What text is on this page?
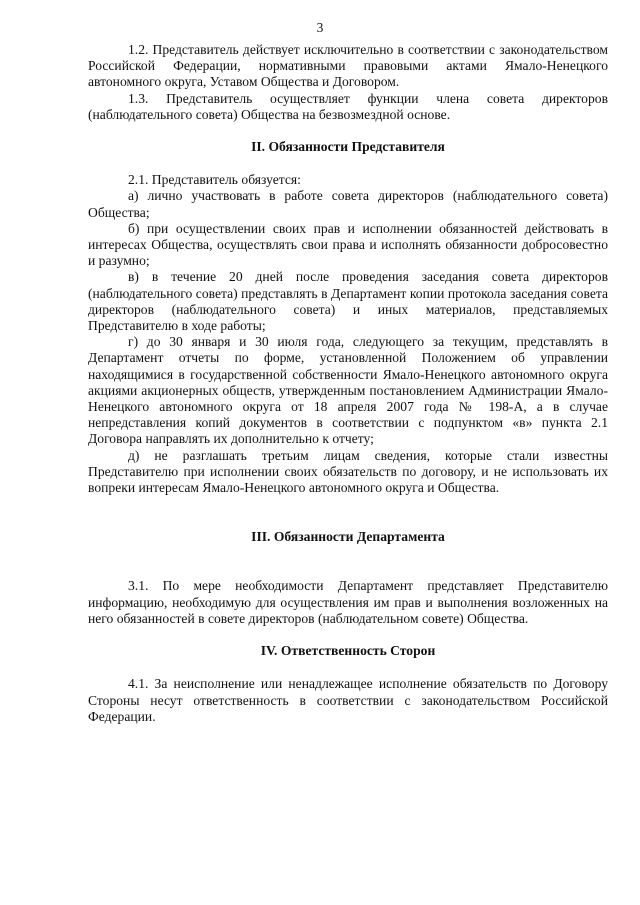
3

1.2. Представитель действует исключительно в соответствии с законодательством Российской Федерации, нормативными правовыми актами Ямало-Ненецкого автономного округа, Уставом Общества и Договором.

1.3. Представитель осуществляет функции члена совета директоров (наблюдательного совета) Общества на безвозмездной основе.

II. Обязанности Представителя

2.1. Представитель обязуется:

а) лично участвовать в работе совета директоров (наблюдательного совета) Общества;

б) при осуществлении своих прав и исполнении обязанностей действовать в интересах Общества, осуществлять свои права и исполнять обязанности добросовестно и разумно;

в) в течение 20 дней после проведения заседания совета директоров (наблюдательного совета) представлять в Департамент копии протокола заседания совета директоров (наблюдательного совета) и иных материалов, представляемых Представителю в ходе работы;

г) до 30 января и 30 июля года, следующего за текущим, представлять в Департамент отчеты по форме, установленной Положением об управлении находящимися в государственной собственности Ямало-Ненецкого автономного округа акциями акционерных обществ, утвержденным постановлением Администрации Ямало-Ненецкого автономного округа от 18 апреля 2007 года № 198-А, а в случае непредставления копий документов в соответствии с подпунктом «в» пункта 2.1 Договора направлять их дополнительно к отчету;

д) не разглашать третьим лицам сведения, которые стали известны Представителю при исполнении своих обязательств по договору, и не использовать их вопреки интересам Ямало-Ненецкого автономного округа и Общества.

III. Обязанности Департамента

3.1. По мере необходимости Департамент представляет Представителю информацию, необходимую для осуществления им прав и выполнения возложенных на него обязанностей в совете директоров (наблюдательном совете) Общества.

IV. Ответственность Сторон

4.1. За неисполнение или ненадлежащее исполнение обязательств по Договору Стороны несут ответственность в соответствии с законодательством Российской Федерации.
